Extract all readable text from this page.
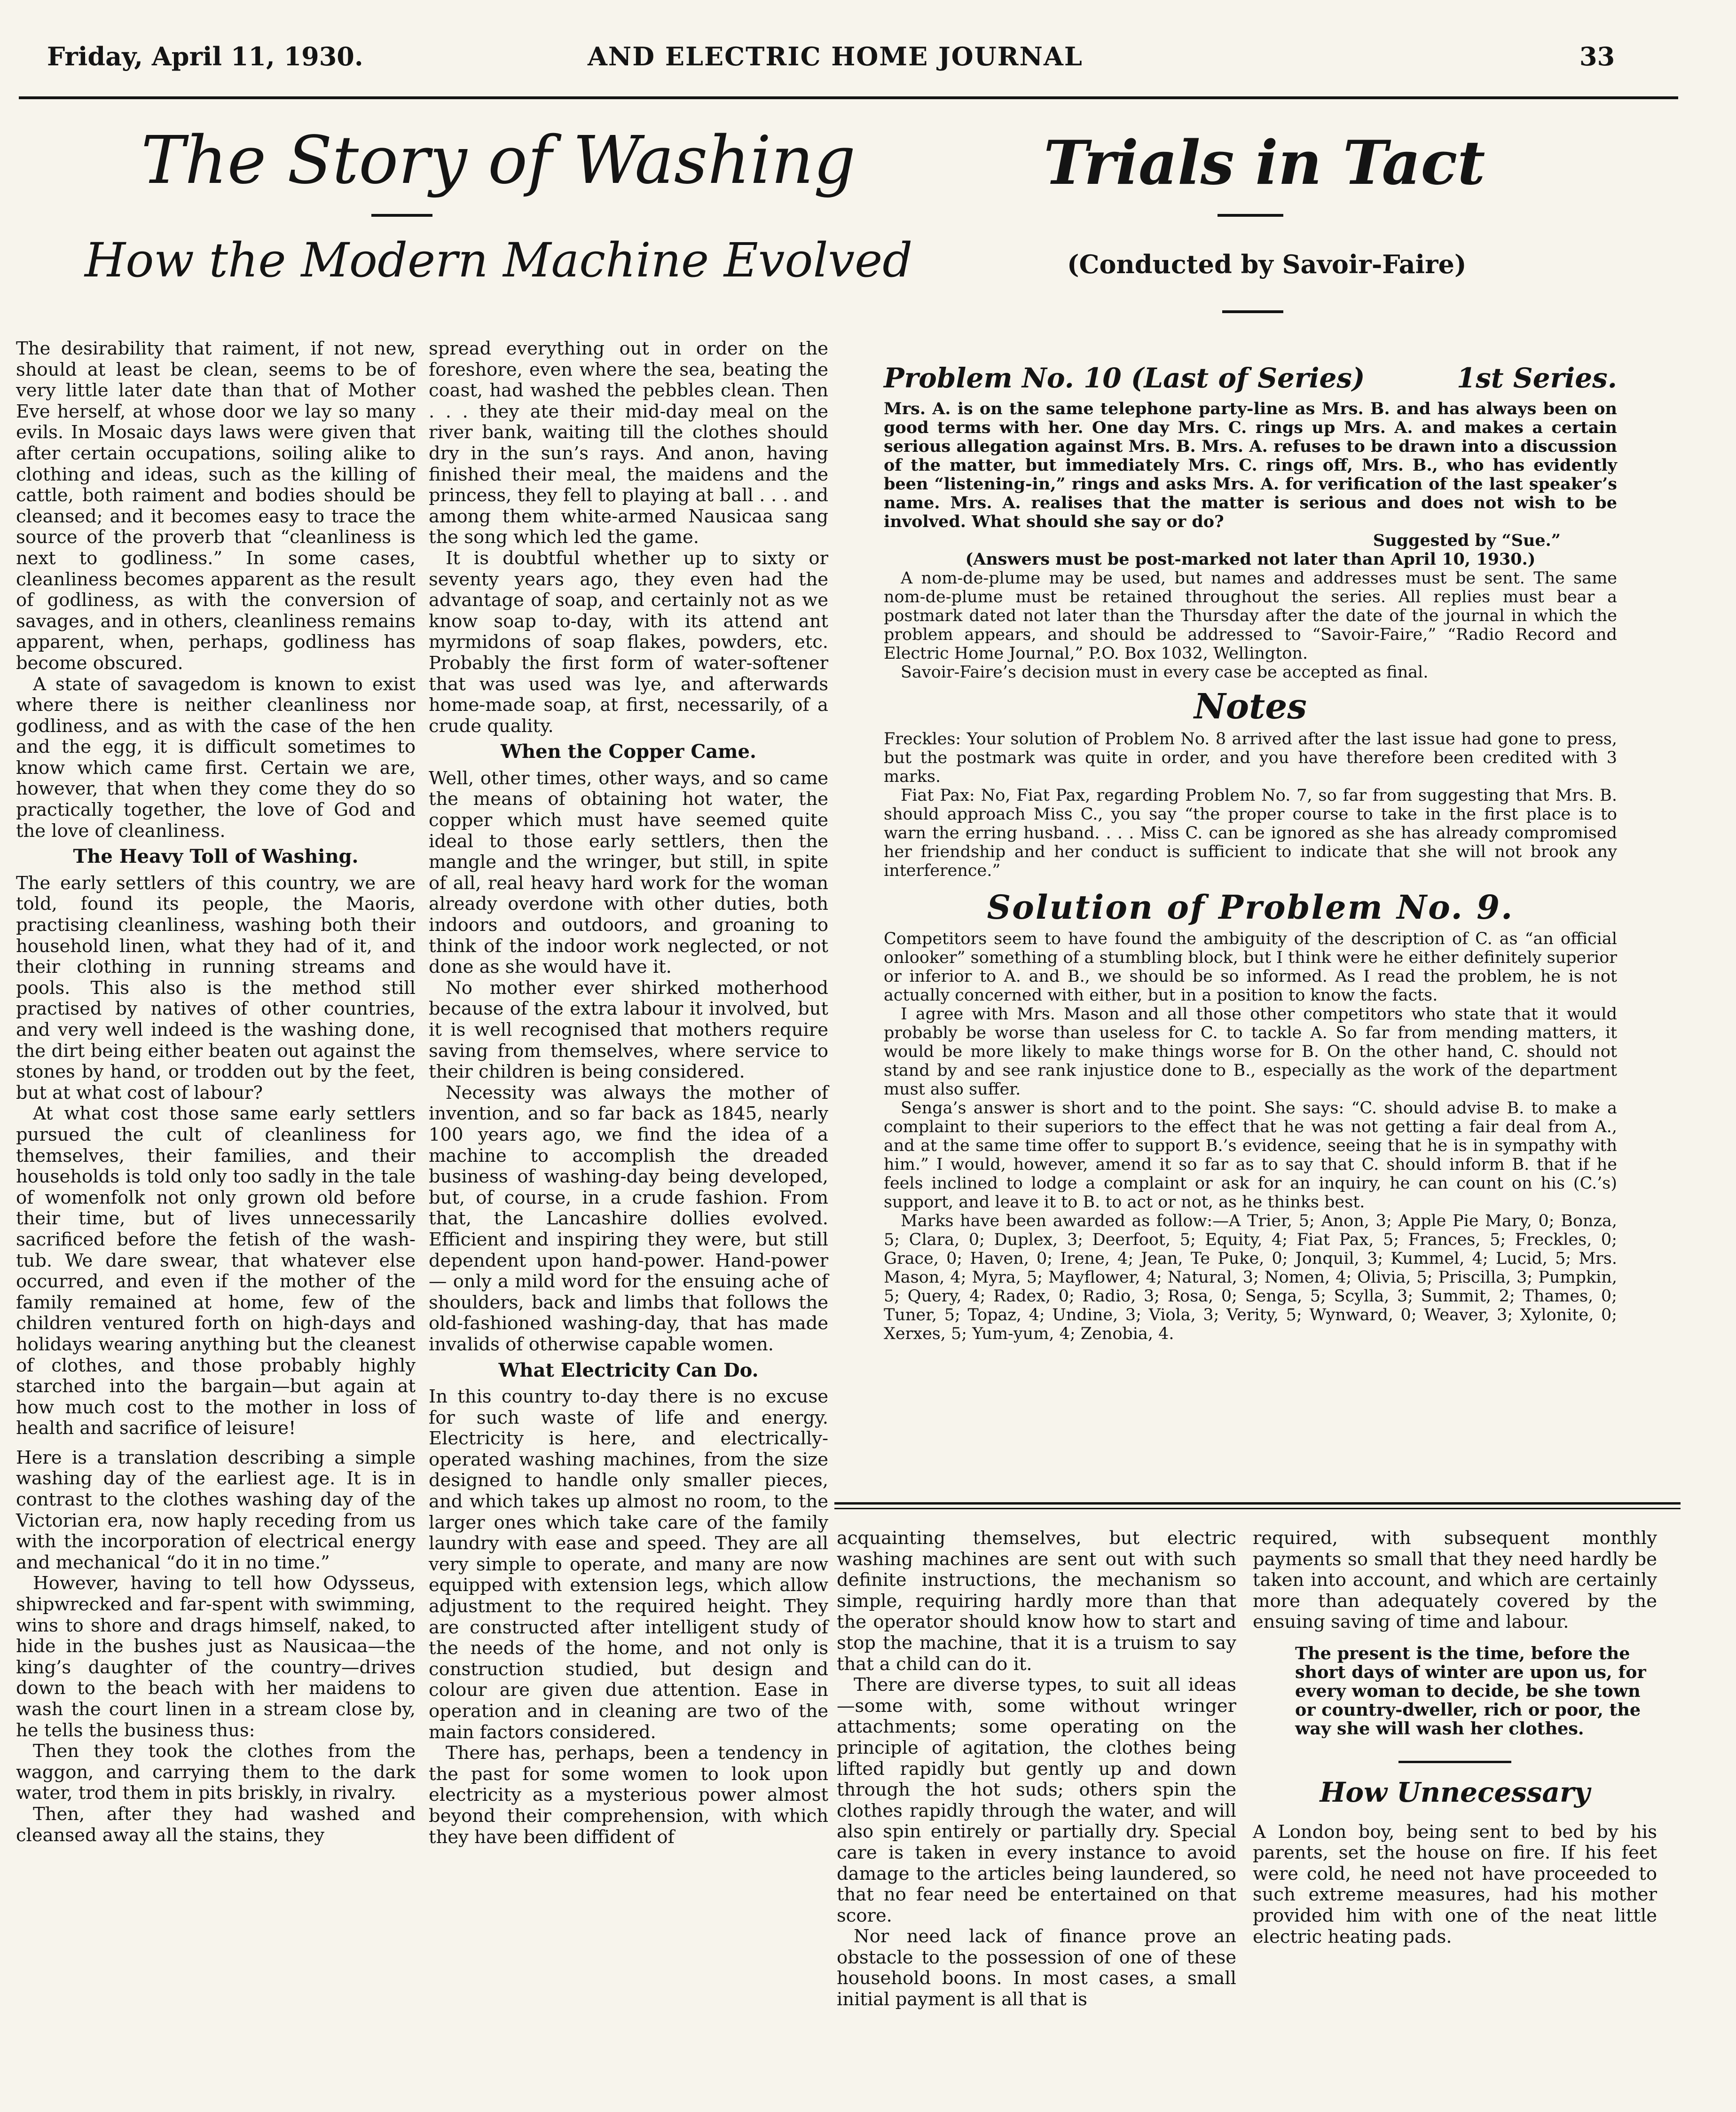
Friday, April 11, 1930.	AND ELECTRIC HOME JOURNAL	33
The Story of Washing
How the Modern Machine Evolved
Trials in Tact
(Conducted by Savoir-Faire)

The desirability that raiment, if not new, should at least be clean, seems to be of very little later date than that of Mother Eve herself, at whose door we lay so many evils. In Mosaic days laws were given that after certain occupations, soiling alike to clothing and ideas, such as the killing of cattle, both raiment and bodies should be cleansed; and it becomes easy to trace the source of the proverb that “cleanliness is next to godliness.” In some cases, cleanliness becomes apparent as the result of godliness, as with the conversion of savages, and in others, cleanliness remains apparent, when, perhaps, godliness has become obscured.

A state of savagedom is known to exist where there is neither cleanliness nor godliness, and as with the case of the hen and the egg, it is difficult sometimes to know which came first. Certain we are, however, that when they come they do so practically together, the love of God and the love of cleanliness.

The Heavy Toll of Washing.

The early settlers of this country, we are told, found its people, the Maoris, practising cleanliness, washing both their household linen, what they had of it, and their clothing in running streams and pools. This also is the method still practised by natives of other countries, and very well indeed is the washing done, the dirt being either beaten out against the stones by hand, or trodden out by the feet, but at what cost of labour?

At what cost those same early settlers pursued the cult of cleanliness for themselves, their families, and their households is told only too sadly in the tale of womenfolk not only grown old before their time, but of lives unnecessarily sacrificed before the fetish of the wash-tub. We dare swear, that whatever else occurred, and even if the mother of the family remained at home, few of the children ventured forth on high-days and holidays wearing anything but the cleanest of clothes, and those probably highly starched into the bargain—but again at how much cost to the mother in loss of health and sacrifice of leisure!

Here is a translation describing a simple washing day of the earliest age. It is in contrast to the clothes washing day of the Victorian era, now haply receding from us with the incorporation of electrical energy and mechanical “do it in no time.”

However, having to tell how Odysseus, shipwrecked and far-spent with swimming, wins to shore and drags himself, naked, to hide in the bushes just as Nausicaa—the king’s daughter of the country—drives down to the beach with her maidens to wash the court linen in a stream close by, he tells the business thus:

Then they took the clothes from the waggon, and carrying them to the dark water, trod them in pits briskly, in rivalry.

Then, after they had washed and cleansed away all the stains, they

spread everything out in order on the foreshore, even where the sea, beating the coast, had washed the pebbles clean. Then . . . they ate their mid-day meal on the river bank, waiting till the clothes should dry in the sun’s rays. And anon, having finished their meal, the maidens and the princess, they fell to playing at ball . . . and among them white-armed Nausicaa sang the song which led the game.

It is doubtful whether up to sixty or seventy years ago, they even had the advantage of soap, and certainly not as we know soap to-day, with its attend ant myrmidons of soap flakes, powders, etc. Probably the first form of water-softener that was used was lye, and afterwards home-made soap, at first, necessarily, of a crude quality.

When the Copper Came.

Well, other times, other ways, and so came the means of obtaining hot water, the copper which must have seemed quite ideal to those early settlers, then the mangle and the wringer, but still, in spite of all, real heavy hard work for the woman already overdone with other duties, both indoors and outdoors, and groaning to think of the indoor work neglected, or not done as she would have it.

No mother ever shirked motherhood because of the extra labour it involved, but it is well recognised that mothers require saving from themselves, where service to their children is being considered.

Necessity was always the mother of invention, and so far back as 1845, nearly 100 years ago, we find the idea of a machine to accomplish the dreaded business of washing-day being developed, but, of course, in a crude fashion. From that, the Lancashire dollies evolved. Efficient and inspiring they were, but still dependent upon hand-power. Hand-power — only a mild word for the ensuing ache of shoulders, back and limbs that follows the old-fashioned washing-day, that has made invalids of otherwise capable women.

What Electricity Can Do.

In this country to-day there is no excuse for such waste of life and energy. Electricity is here, and electrically-operated washing machines, from the size designed to handle only smaller pieces, and which takes up almost no room, to the larger ones which take care of the family laundry with ease and speed. They are all very simple to operate, and many are now equipped with extension legs, which allow adjustment to the required height. They are constructed after intelligent study of the needs of the home, and not only is construction studied, but design and colour are given due attention. Ease in operation and in cleaning are two of the main factors considered.

There has, perhaps, been a tendency in the past for some women to look upon electricity as a mysterious power almost beyond their comprehension, with which they have been diffident of

Problem No. 10 (Last of Series)	1st Series.
Mrs. A. is on the same telephone party-line as Mrs. B. and has always been on good terms with her. One day Mrs. C. rings up Mrs. A. and makes a certain serious allegation against Mrs. B. Mrs. A. refuses to be drawn into a discussion of the matter, but immediately Mrs. C. rings off, Mrs. B., who has evidently been “listening-in,” rings and asks Mrs. A. for verification of the last speaker’s name. Mrs. A. realises that the matter is serious and does not wish to be involved. What should she say or do?
Suggested by “Sue.”
(Answers must be post-marked not later than April 10, 1930.)
A nom-de-plume may be used, but names and addresses must be sent. The same nom-de-plume must be retained throughout the series. All replies must bear a postmark dated not later than the Thursday after the date of the journal in which the problem appears, and should be addressed to “Savoir-Faire,” “Radio Record and Electric Home Journal,” P.O. Box 1032, Wellington.
Savoir-Faire’s decision must in every case be accepted as final.
Notes

Freckles: Your solution of Problem No. 8 arrived after the last issue had gone to press, but the postmark was quite in order, and you have therefore been credited with 3 marks.

Fiat Pax: No, Fiat Pax, regarding Problem No. 7, so far from suggesting that Mrs. B. should approach Miss C., you say “the proper course to take in the first place is to warn the erring husband. . . . Miss C. can be ignored as she has already compromised her friendship and her conduct is sufficient to indicate that she will not brook any interference.”

Solution of Problem No. 9.

Competitors seem to have found the ambiguity of the description of C. as “an official onlooker” something of a stumbling block, but I think were he either definitely superior or inferior to A. and B., we should be so informed. As I read the problem, he is not actually concerned with either, but in a position to know the facts.

I agree with Mrs. Mason and all those other competitors who state that it would probably be worse than useless for C. to tackle A. So far from mending matters, it would be more likely to make things worse for B. On the other hand, C. should not stand by and see rank injustice done to B., especially as the work of the department must also suffer.

Senga’s answer is short and to the point. She says: “C. should advise B. to make a complaint to their superiors to the effect that he was not getting a fair deal from A., and at the same time offer to support B.’s evidence, seeing that he is in sympathy with him.” I would, however, amend it so far as to say that C. should inform B. that if he feels inclined to lodge a complaint or ask for an inquiry, he can count on his (C.’s) support, and leave it to B. to act or not, as he thinks best.

Marks have been awarded as follow:—A Trier, 5; Anon, 3; Apple Pie Mary, 0; Bonza, 5; Clara, 0; Duplex, 3; Deerfoot, 5; Equity, 4; Fiat Pax, 5; Frances, 5; Freckles, 0; Grace, 0; Haven, 0; Irene, 4; Jean, Te Puke, 0; Jonquil, 3; Kummel, 4; Lucid, 5; Mrs. Mason, 4; Myra, 5; Mayflower, 4; Natural, 3; Nomen, 4; Olivia, 5; Priscilla, 3; Pumpkin, 5; Query, 4; Radex, 0; Radio, 3; Rosa, 0; Senga, 5; Scylla, 3; Summit, 2; Thames, 0; Tuner, 5; Topaz, 4; Undine, 3; Viola, 3; Verity, 5; Wynward, 0; Weaver, 3; Xylonite, 0; Xerxes, 5; Yum-yum, 4; Zenobia, 4.

acquainting themselves, but electric washing machines are sent out with such definite instructions, the mechanism so simple, requiring hardly more than that the operator should know how to start and stop the machine, that it is a truism to say that a child can do it.

There are diverse types, to suit all ideas—some with, some without wringer attachments; some operating on the principle of agitation, the clothes being lifted rapidly but gently up and down through the hot suds; others spin the clothes rapidly through the water, and will also spin entirely or partially dry. Special care is taken in every instance to avoid damage to the articles being laundered, so that no fear need be entertained on that score.

Nor need lack of finance prove an obstacle to the possession of one of these household boons. In most cases, a small initial payment is all that is

required, with subsequent monthly payments so small that they need hardly be taken into account, and which are certainly more than adequately covered by the ensuing saving of time and labour.

The present is the time, before the short days of winter are upon us, for every woman to decide, be she town or country-dweller, rich or poor, the way she will wash her clothes.
How Unnecessary

A London boy, being sent to bed by his parents, set the house on fire. If his feet were cold, he need not have proceeded to such extreme measures, had his mother provided him with one of the neat little electric heating pads.
